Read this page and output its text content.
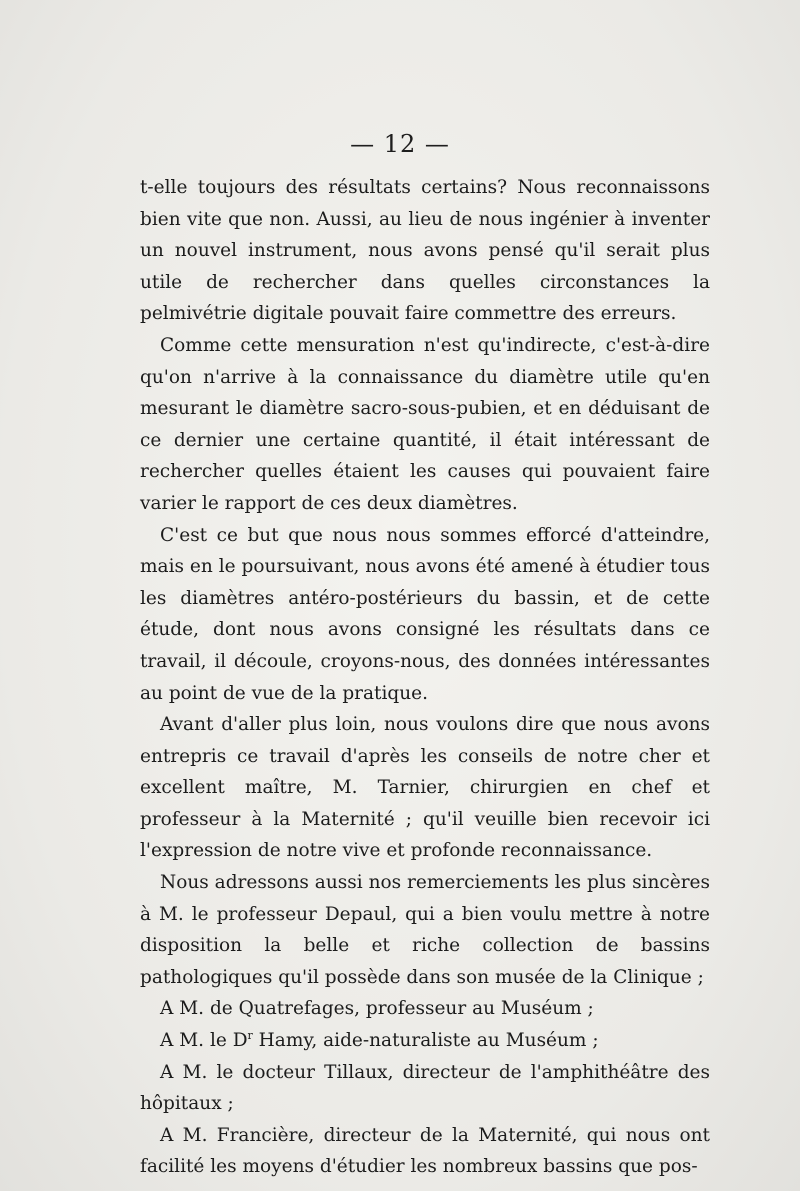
— 12 —

t-elle toujours des résultats certains? Nous reconnaissons bien vite que non. Aussi, au lieu de nous ingénier à inventer un nouvel instrument, nous avons pensé qu'il serait plus utile de rechercher dans quelles circonstances la pelmivétrie digitale pouvait faire commettre des erreurs.

Comme cette mensuration n'est qu'indirecte, c'est-à-dire qu'on n'arrive à la connaissance du diamètre utile qu'en mesurant le diamètre sacro-sous-pubien, et en déduisant de ce dernier une certaine quantité, il était intéressant de rechercher quelles étaient les causes qui pouvaient faire varier le rapport de ces deux diamètres.

C'est ce but que nous nous sommes efforcé d'atteindre, mais en le poursuivant, nous avons été amené à étudier tous les diamètres antéro-postérieurs du bassin, et de cette étude, dont nous avons consigné les résultats dans ce travail, il découle, croyons-nous, des données intéressantes au point de vue de la pratique.

Avant d'aller plus loin, nous voulons dire que nous avons entrepris ce travail d'après les conseils de notre cher et excellent maître, M. Tarnier, chirurgien en chef et professeur à la Maternité ; qu'il veuille bien recevoir ici l'expression de notre vive et profonde reconnaissance.

Nous adressons aussi nos remerciements les plus sincères à M. le professeur Depaul, qui a bien voulu mettre à notre disposition la belle et riche collection de bassins pathologiques qu'il possède dans son musée de la Clinique ;

A M. de Quatrefages, professeur au Muséum ;

A M. le $D^r$ Hamy, aide-naturaliste au Muséum ;

A M. le docteur Tillaux, directeur de l'amphithéâtre des hôpitaux ;

A M. Francière, directeur de la Maternité, qui nous ont facilité les moyens d'étudier les nombreux bassins que pos-
